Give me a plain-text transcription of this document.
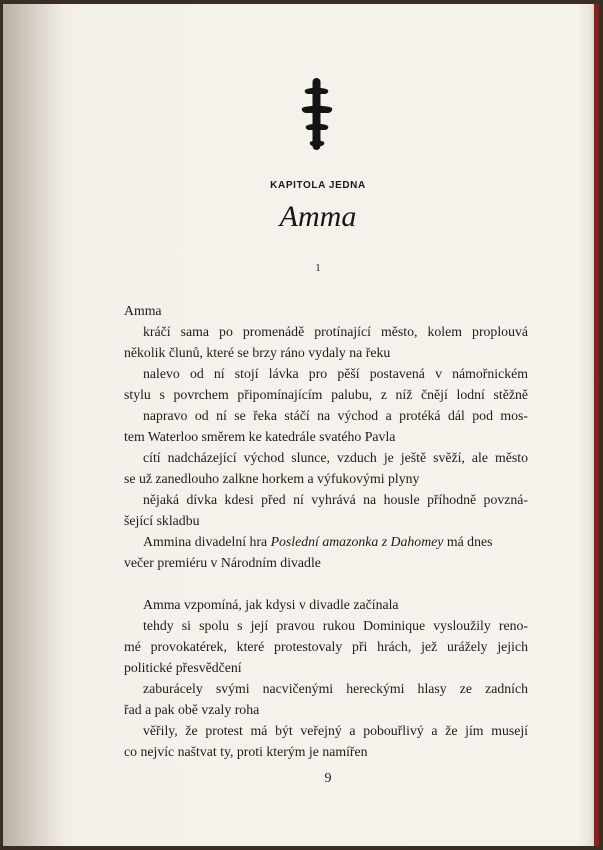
KAPITOLA JEDNA
Amma
1
Amma
kráčí sama po promenádě protínající město, kolem proplouvá
několik člunů, které se brzy ráno vydaly na řeku
nalevo od ní stojí lávka pro pěší postavená v námořnickém
stylu s povrchem připomínajícím palubu, z níž čnějí lodní stěžně
napravo od ní se řeka stáčí na východ a protéká dál pod mos-
tem Waterloo směrem ke katedrále svatého Pavla
cítí nadcházející východ slunce, vzduch je ještě svěží, ale město
se už zanedlouho zalkne horkem a výfukovými plyny
nějaká dívka kdesi před ní vyhrává na housle příhodně povzná-
šející skladbu
Ammina divadelní hra Poslední amazonka z Dahomey má dnes
večer premiéru v Národním divadle
Amma vzpomíná, jak kdysi v divadle začínala
tehdy si spolu s její pravou rukou Dominique vysloužily reno-
mé provokatérek, které protestovaly při hrách, jež urážely jejich
politické přesvědčení
zaburácely svými nacvičenými hereckými hlasy ze zadních
řad a pak obě vzaly roha
věřily, že protest má být veřejný a pobouřlivý a že jím musejí
co nejvíc naštvat ty, proti kterým je namířen
9
